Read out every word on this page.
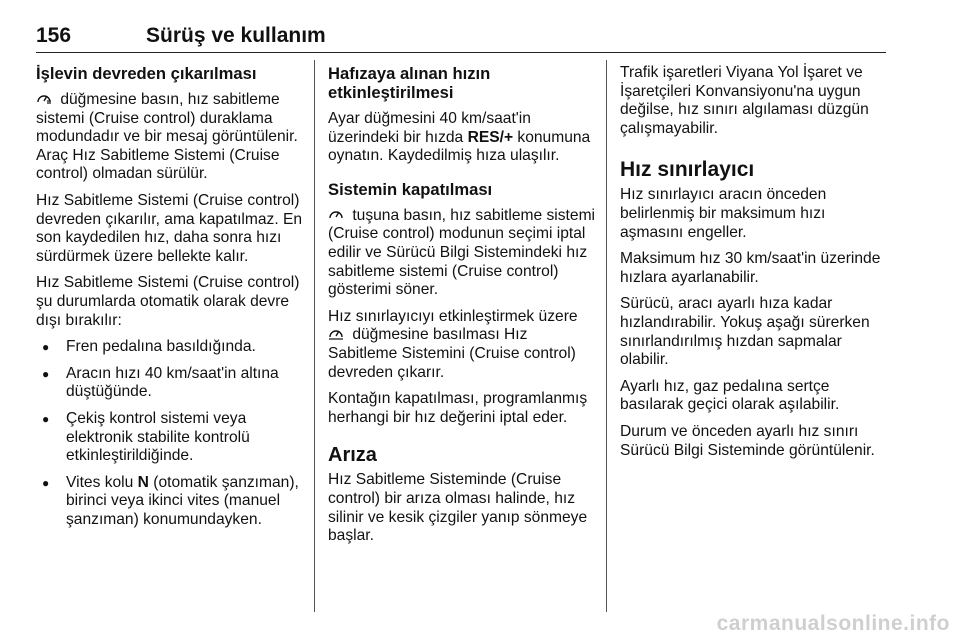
156	Sürüş ve kullanım
İşlevin devreden çıkarılması

düğmesine basın, hız sabitleme sistemi (Cruise control) duraklama modundadır ve bir mesaj görüntülenir. Araç Hız Sabitleme Sistemi (Cruise control) olmadan sürülür.

Hız Sabitleme Sistemi (Cruise control) devreden çıkarılır, ama kapatılmaz. En son kaydedilen hız, daha sonra hızı sürdürmek üzere bellekte kalır.

Hız Sabitleme Sistemi (Cruise control) şu durumlarda otomatik olarak devre dışı bırakılır:

● Fren pedalına basıldığında.
● Aracın hızı 40 km/saat'in altına düştüğünde.
● Çekiş kontrol sistemi veya elektronik stabilite kontrolü etkinleştirildiğinde.
● Vites kolu N (otomatik şanzıman), birinci veya ikinci vites (manuel şanzıman) konumundayken.
Hafızaya alınan hızın etkinleştirilmesi

Ayar düğmesini 40 km/saat'in üzerindeki bir hızda RES/+ konumuna oynatın. Kaydedilmiş hıza ulaşılır.

Sistemin kapatılması

tuşuna basın, hız sabitleme sistemi (Cruise control) modunun seçimi iptal edilir ve Sürücü Bilgi Sistemindeki hız sabitleme sistemi (Cruise control) gösterimi söner.

Hız sınırlayıcıyı etkinleştirmek üzere  düğmesine basılması Hız Sabitleme Sistemini (Cruise control) devreden çıkarır.

Kontağın kapatılması, programlanmış herhangi bir hız değerini iptal eder.

Arıza

Hız Sabitleme Sisteminde (Cruise control) bir arıza olması halinde, hız silinir ve kesik çizgiler yanıp sönmeye başlar.

Trafik işaretleri Viyana Yol İşaret ve İşaretçileri Konvansiyonu'na uygun değilse, hız sınırı algılaması düzgün çalışmayabilir.

Hız sınırlayıcı

Hız sınırlayıcı aracın önceden belirlenmiş bir maksimum hızı aşmasını engeller.

Maksimum hız 30 km/saat'in üzerinde hızlara ayarlanabilir.

Sürücü, aracı ayarlı hıza kadar hızlandırabilir. Yokuş aşağı sürerken sınırlandırılmış hızdan sapmalar olabilir.

Ayarlı hız, gaz pedalına sertçe basılarak geçici olarak aşılabilir.

Durum ve önceden ayarlı hız sınırı Sürücü Bilgi Sisteminde görüntülenir.

carmanualsonline.info
